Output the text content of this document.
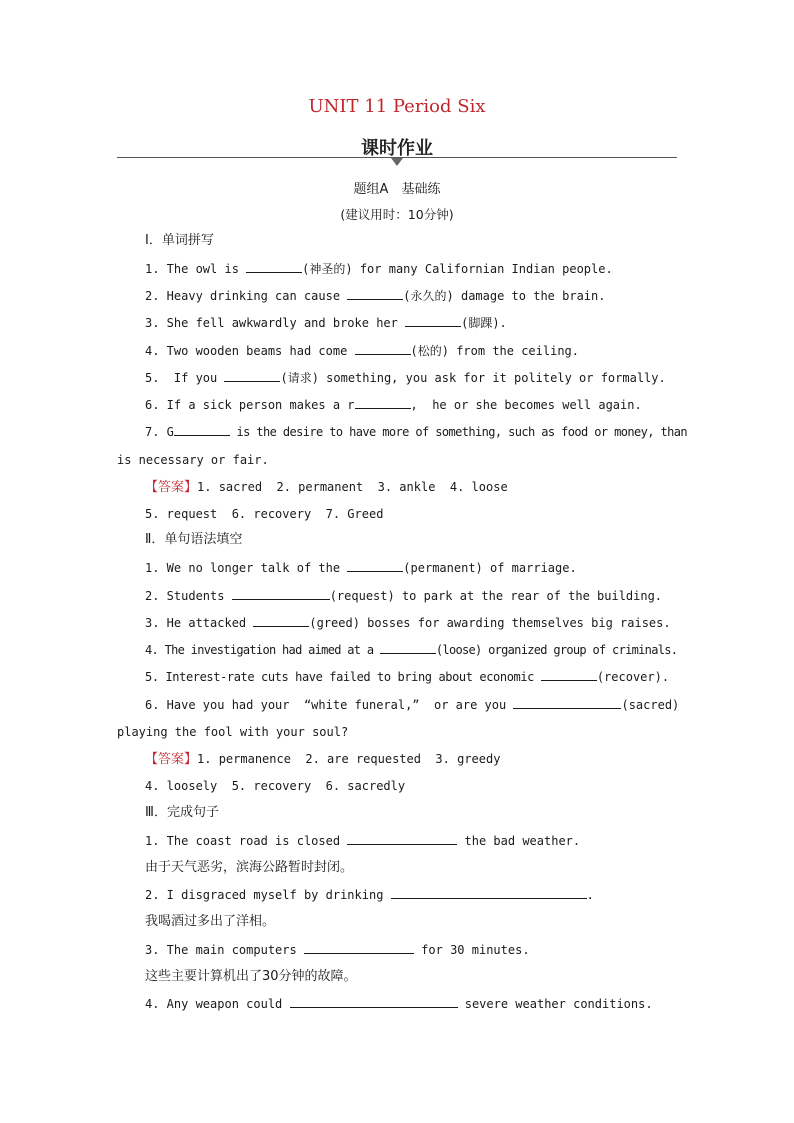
UNIT 11 Period Six
课时作业
题组A　基础练
(建议用时：10分钟)
Ⅰ．单词拼写
1. The owl is	(神圣的) for many Californian Indian people.
2. Heavy drinking can cause	(永久的) damage to the brain.
3. She fell awkwardly and broke her	(脚踝).
4. Two wooden beams had come	(松的) from the ceiling.
5.  If you	(请求) something, you ask for it politely or formally.
6. If a sick person makes a r	,  he or she becomes well again.
7. G	is the desire to have more of something, such as food or money, than
is necessary or fair.
【答案】1. sacred  2. permanent  3. ankle  4. loose
5. request  6. recovery  7. Greed
Ⅱ．单句语法填空
1. We no longer talk of the	(permanent) of marriage.
2. Students	(request) to park at the rear of the building.
3. He attacked	(greed) bosses for awarding themselves big raises.
4. The investigation had aimed at a	(loose) organized group of criminals.
5. Interest-rate cuts have failed to bring about economic	(recover).
6. Have you had your  “white funeral,”  or are you	(sacred)
playing the fool with your soul?
【答案】1. permanence  2. are requested  3. greedy
4. loosely  5. recovery  6. sacredly
Ⅲ．完成句子
1. The coast road is closed	the bad weather.
由于天气恶劣，滨海公路暂时封闭。
2. I disgraced myself by drinking	.
我喝酒过多出了洋相。
3. The main computers	for 30 minutes.
这些主要计算机出了30分钟的故障。
4. Any weapon could	severe weather conditions.
